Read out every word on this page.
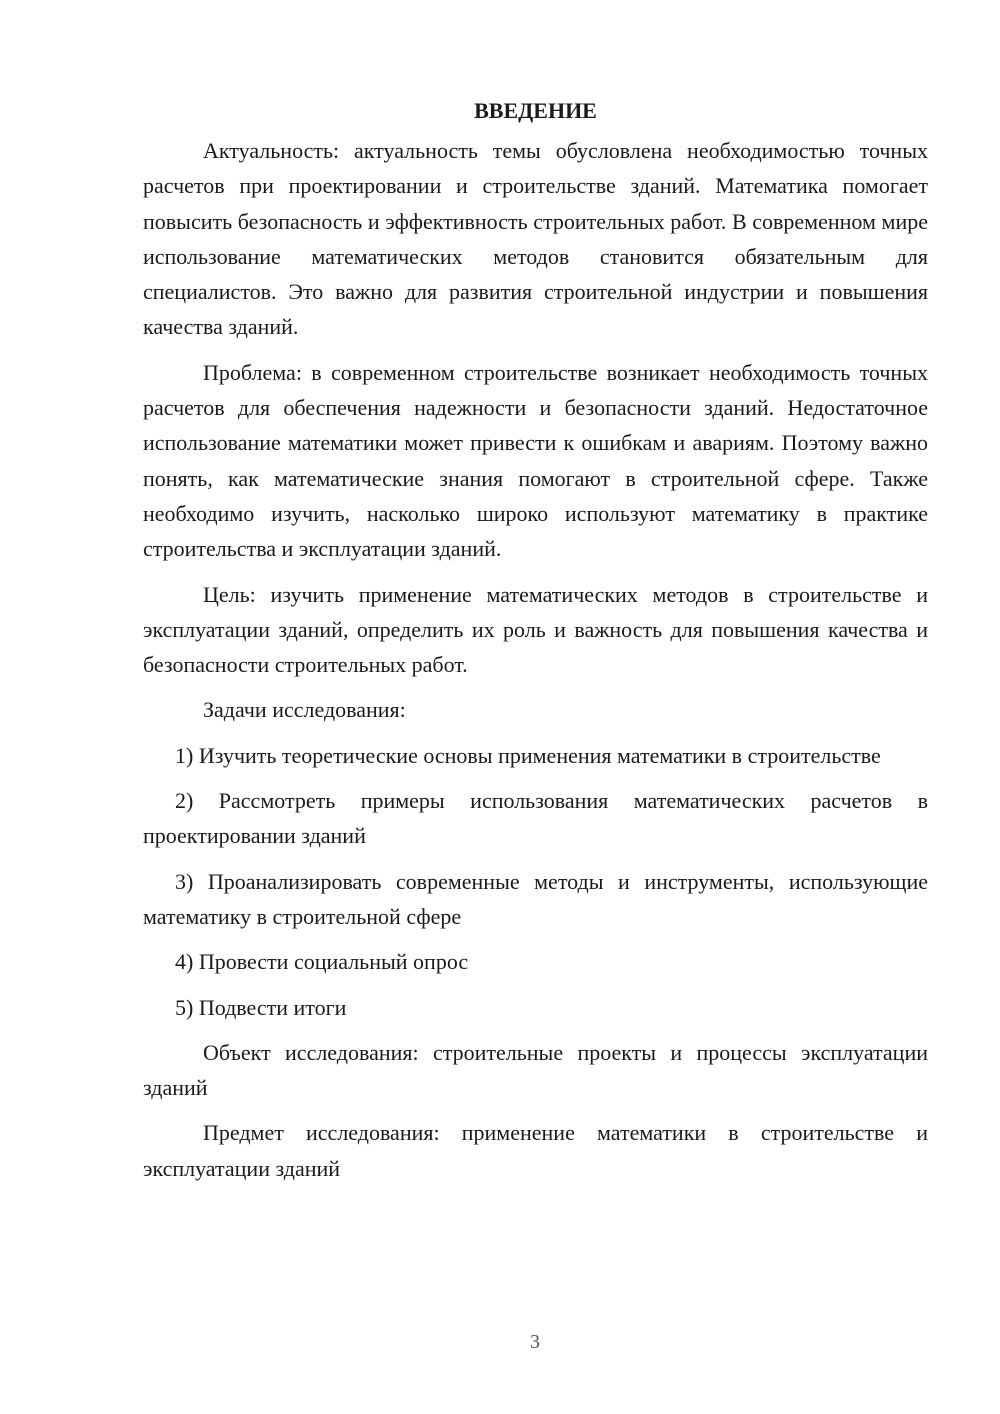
ВВЕДЕНИЕ

Актуальность: актуальность темы обусловлена необходимостью точных расчетов при проектировании и строительстве зданий. Математика помогает повысить безопасность и эффективность строительных работ. В современном мире использование математических методов становится обязательным для специалистов. Это важно для развития строительной индустрии и повышения качества зданий.

Проблема: в современном строительстве возникает необходимость точных расчетов для обеспечения надежности и безопасности зданий. Недостаточное использование математики может привести к ошибкам и авариям. Поэтому важно понять, как математические знания помогают в строительной сфере. Также необходимо изучить, насколько широко используют математику в практике строительства и эксплуатации зданий.

Цель: изучить применение математических методов в строительстве и эксплуатации зданий, определить их роль и важность для повышения качества и безопасности строительных работ.

Задачи исследования:

1) Изучить теоретические основы применения математики в строительстве

2) Рассмотреть примеры использования математических расчетов в проектировании зданий

3) Проанализировать современные методы и инструменты, использующие математику в строительной сфере

4) Провести социальный опрос

5) Подвести итоги

Объект исследования: строительные проекты и процессы эксплуатации зданий

Предмет исследования: применение математики в строительстве и эксплуатации зданий

3
